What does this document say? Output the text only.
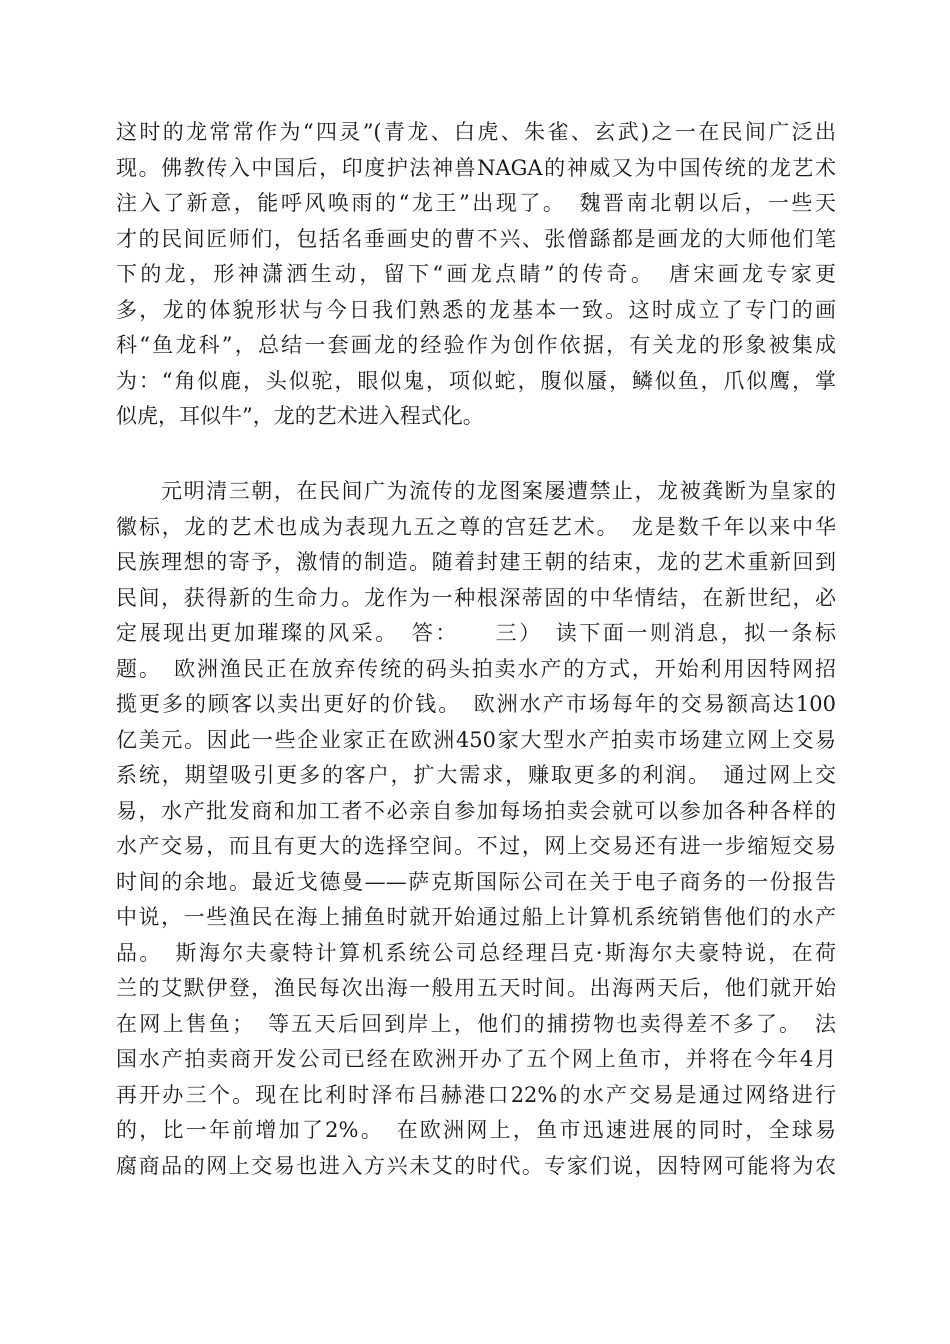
这时的龙常常作为“四灵”(青龙、白虎、朱雀、玄武)之一在民间广泛出
现。佛教传入中国后，印度护法神兽NAGA的神威又为中国传统的龙艺术
注入了新意，能呼风唤雨的“龙王”出现了。　魏晋南北朝以后，一些天
才的民间匠师们，包括名垂画史的曹不兴、张僧繇都是画龙的大师他们笔
下的龙，形神潇洒生动，留下“画龙点睛”的传奇。　唐宋画龙专家更
多，龙的体貌形状与今日我们熟悉的龙基本一致。这时成立了专门的画
科“鱼龙科”，总结一套画龙的经验作为创作依据，有关龙的形象被集成
为：“角似鹿，头似驼，眼似鬼，项似蛇，腹似蜃，鳞似鱼，爪似鹰，掌
似虎，耳似牛”，龙的艺术进入程式化。
　　元明清三朝，在民间广为流传的龙图案屡遭禁止，龙被龚断为皇家的
徽标，龙的艺术也成为表现九五之尊的宫廷艺术。　龙是数千年以来中华
民族理想的寄予，激情的制造。随着封建王朝的结束，龙的艺术重新回到
民间，获得新的生命力。龙作为一种根深蒂固的中华情结，在新世纪，必
定展现出更加璀璨的风采。　答：　　三）　读下面一则消息，拟一条标
题。　欧洲渔民正在放弃传统的码头拍卖水产的方式，开始利用因特网招
揽更多的顾客以卖出更好的价钱。　欧洲水产市场每年的交易额高达100
亿美元。因此一些企业家正在欧洲450家大型水产拍卖市场建立网上交易
系统，期望吸引更多的客户，扩大需求，赚取更多的利润。　通过网上交
易，水产批发商和加工者不必亲自参加每场拍卖会就可以参加各种各样的
水产交易，而且有更大的选择空间。不过，网上交易还有进一步缩短交易
时间的余地。最近戈德曼——萨克斯国际公司在关于电子商务的一份报告
中说，一些渔民在海上捕鱼时就开始通过船上计算机系统销售他们的水产
品。　斯海尔夫豪特计算机系统公司总经理吕克·斯海尔夫豪特说，在荷
兰的艾默伊登，渔民每次出海一般用五天时间。出海两天后，他们就开始
在网上售鱼；　等五天后回到岸上，他们的捕捞物也卖得差不多了。　法
国水产拍卖商开发公司已经在欧洲开办了五个网上鱼市，并将在今年4月
再开办三个。现在比利时泽布吕赫港口22%的水产交易是通过网络进行
的，比一年前增加了2%。　在欧洲网上，鱼市迅速进展的同时，全球易
腐商品的网上交易也进入方兴未艾的时代。专家们说，因特网可能将为农
